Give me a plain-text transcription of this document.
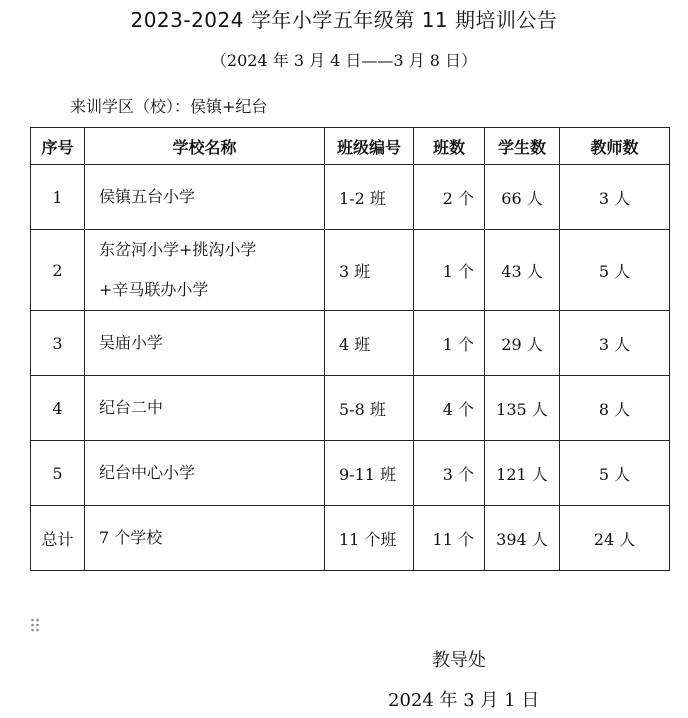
2023-2024 学年小学五年级第 11 期培训公告
（2024 年 3 月 4 日——3 月 8 日）
来训学区（校）：侯镇+纪台
序号	学校名称	班级编号	班数	学生数	教师数
1	侯镇五台小学	1-2 班	2 个	66 人	3 人
2	东岔河小学+挑沟小学
+辛马联办小学	3 班	1 个	43 人	5 人
3	吴庙小学	4 班	1 个	29 人	3 人
4	纪台二中	5-8 班	4 个	135 人	8 人
5	纪台中心小学	9-11 班	3 个	121 人	5 人
总计	7 个学校	11 个班	11 个	394 人	24 人
教导处
2024 年 3 月 1 日
